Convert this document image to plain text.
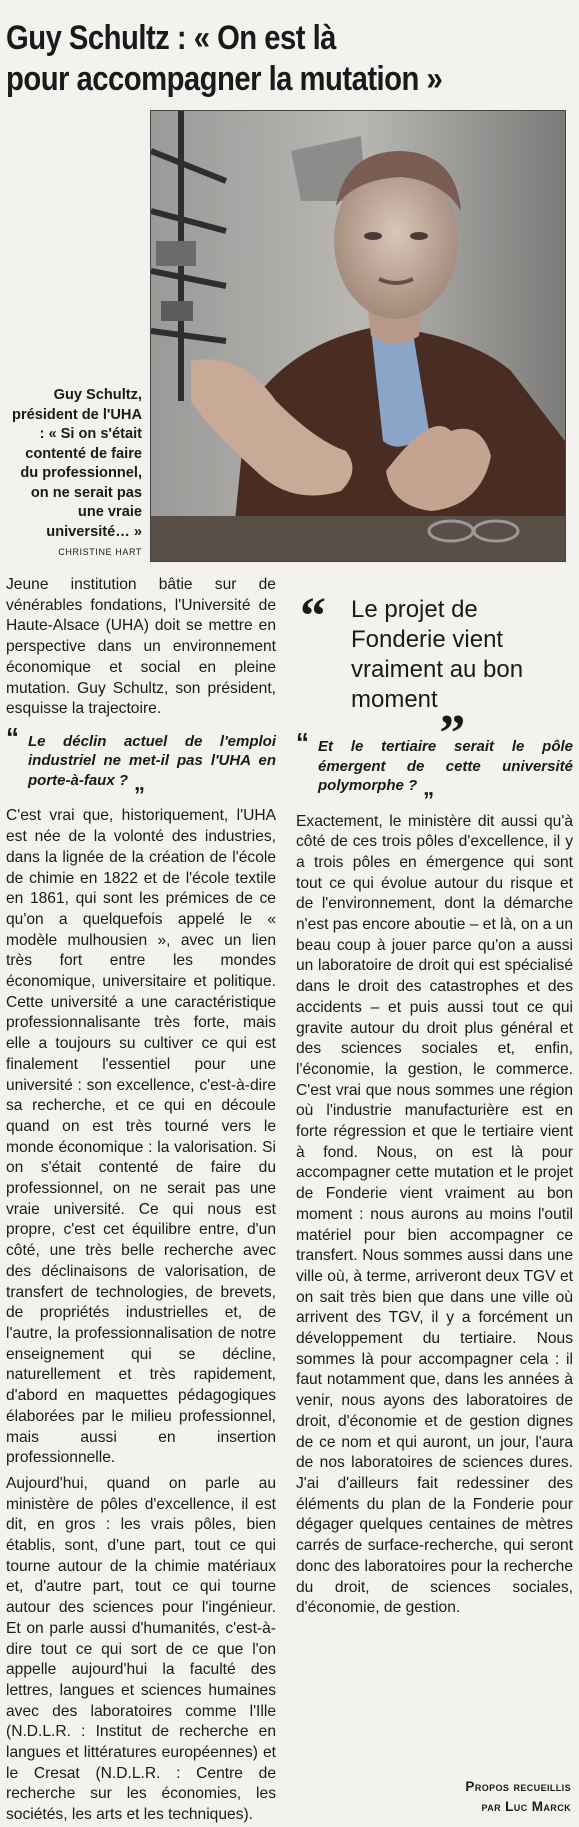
Guy Schultz : « On est là
pour accompagner la mutation »
Guy Schultz, président de l'UHA : « Si on s'était contenté de faire du professionnel, on ne serait pas une vraie université… »
CHRISTINE HART

Jeune institution bâtie sur de vénérables fondations, l'Université de Haute-Alsace (UHA) doit se mettre en perspective dans un environnement économique et social en pleine mutation. Guy Schultz, son président, esquisse la trajectoire.

“ Le déclin actuel de l'emploi industriel ne met-il pas l'UHA en porte-à-faux ? „

C'est vrai que, historiquement, l'UHA est née de la volonté des industries, dans la lignée de la création de l'école de chimie en 1822 et de l'école textile en 1861, qui sont les prémices de ce qu'on a quelquefois appelé le « modèle mulhousien », avec un lien très fort entre les mondes économique, universitaire et politique. Cette université a une caractéristique professionnalisante très forte, mais elle a toujours su cultiver ce qui est finalement l'essentiel pour une université : son excellence, c'est-à-dire sa recherche, et ce qui en découle quand on est très tourné vers le monde économique : la valorisation. Si on s'était contenté de faire du professionnel, on ne serait pas une vraie université. Ce qui nous est propre, c'est cet équilibre entre, d'un côté, une très belle recherche avec des déclinaisons de valorisation, de transfert de technologies, de brevets, de propriétés industrielles et, de l'autre, la professionnalisation de notre enseignement qui se décline, naturellement et très rapidement, d'abord en maquettes pédagogiques élaborées par le milieu professionnel, mais aussi en insertion professionnelle.

Aujourd'hui, quand on parle au ministère de pôles d'excellence, il est dit, en gros : les vrais pôles, bien établis, sont, d'une part, tout ce qui tourne autour de la chimie matériaux et, d'autre part, tout ce qui tourne autour des sciences pour l'ingénieur. Et on parle aussi d'humanités, c'est-à-dire tout ce qui sort de ce que l'on appelle aujourd'hui la faculté des lettres, langues et sciences humaines avec des laboratoires comme l'Ille (N.D.L.R. : Institut de recherche en langues et littératures européennes) et le Cresat (N.D.L.R. : Centre de recherche sur les économies, les sociétés, les arts et les techniques).

“ Le projet de Fonderie vient vraiment au bon moment„

“ Et le tertiaire serait le pôle émergent de cette université polymorphe ? „

Exactement, le ministère dit aussi qu'à côté de ces trois pôles d'excellence, il y a trois pôles en émergence qui sont tout ce qui évolue autour du risque et de l'environnement, dont la démarche n'est pas encore aboutie – et là, on a un beau coup à jouer parce qu'on a aussi un laboratoire de droit qui est spécialisé dans le droit des catastrophes et des accidents – et puis aussi tout ce qui gravite autour du droit plus général et des sciences sociales et, enfin, l'économie, la gestion, le commerce. C'est vrai que nous sommes une région où l'industrie manufacturière est en forte régression et que le tertiaire vient à fond. Nous, on est là pour accompagner cette mutation et le projet de Fonderie vient vraiment au bon moment : nous aurons au moins l'outil matériel pour bien accompagner ce transfert. Nous sommes aussi dans une ville où, à terme, arriveront deux TGV et on sait très bien que dans une ville où arrivent des TGV, il y a forcément un développement du tertiaire. Nous sommes là pour accompagner cela : il faut notamment que, dans les années à venir, nous ayons des laboratoires de droit, d'économie et de gestion dignes de ce nom et qui auront, un jour, l'aura de nos laboratoires de sciences dures. J'ai d'ailleurs fait redessiner des éléments du plan de la Fonderie pour dégager quelques centaines de mètres carrés de surface-recherche, qui seront donc des laboratoires pour la recherche du droit, de sciences sociales, d'économie, de gestion.

Propos recueillis
par Luc Marck
